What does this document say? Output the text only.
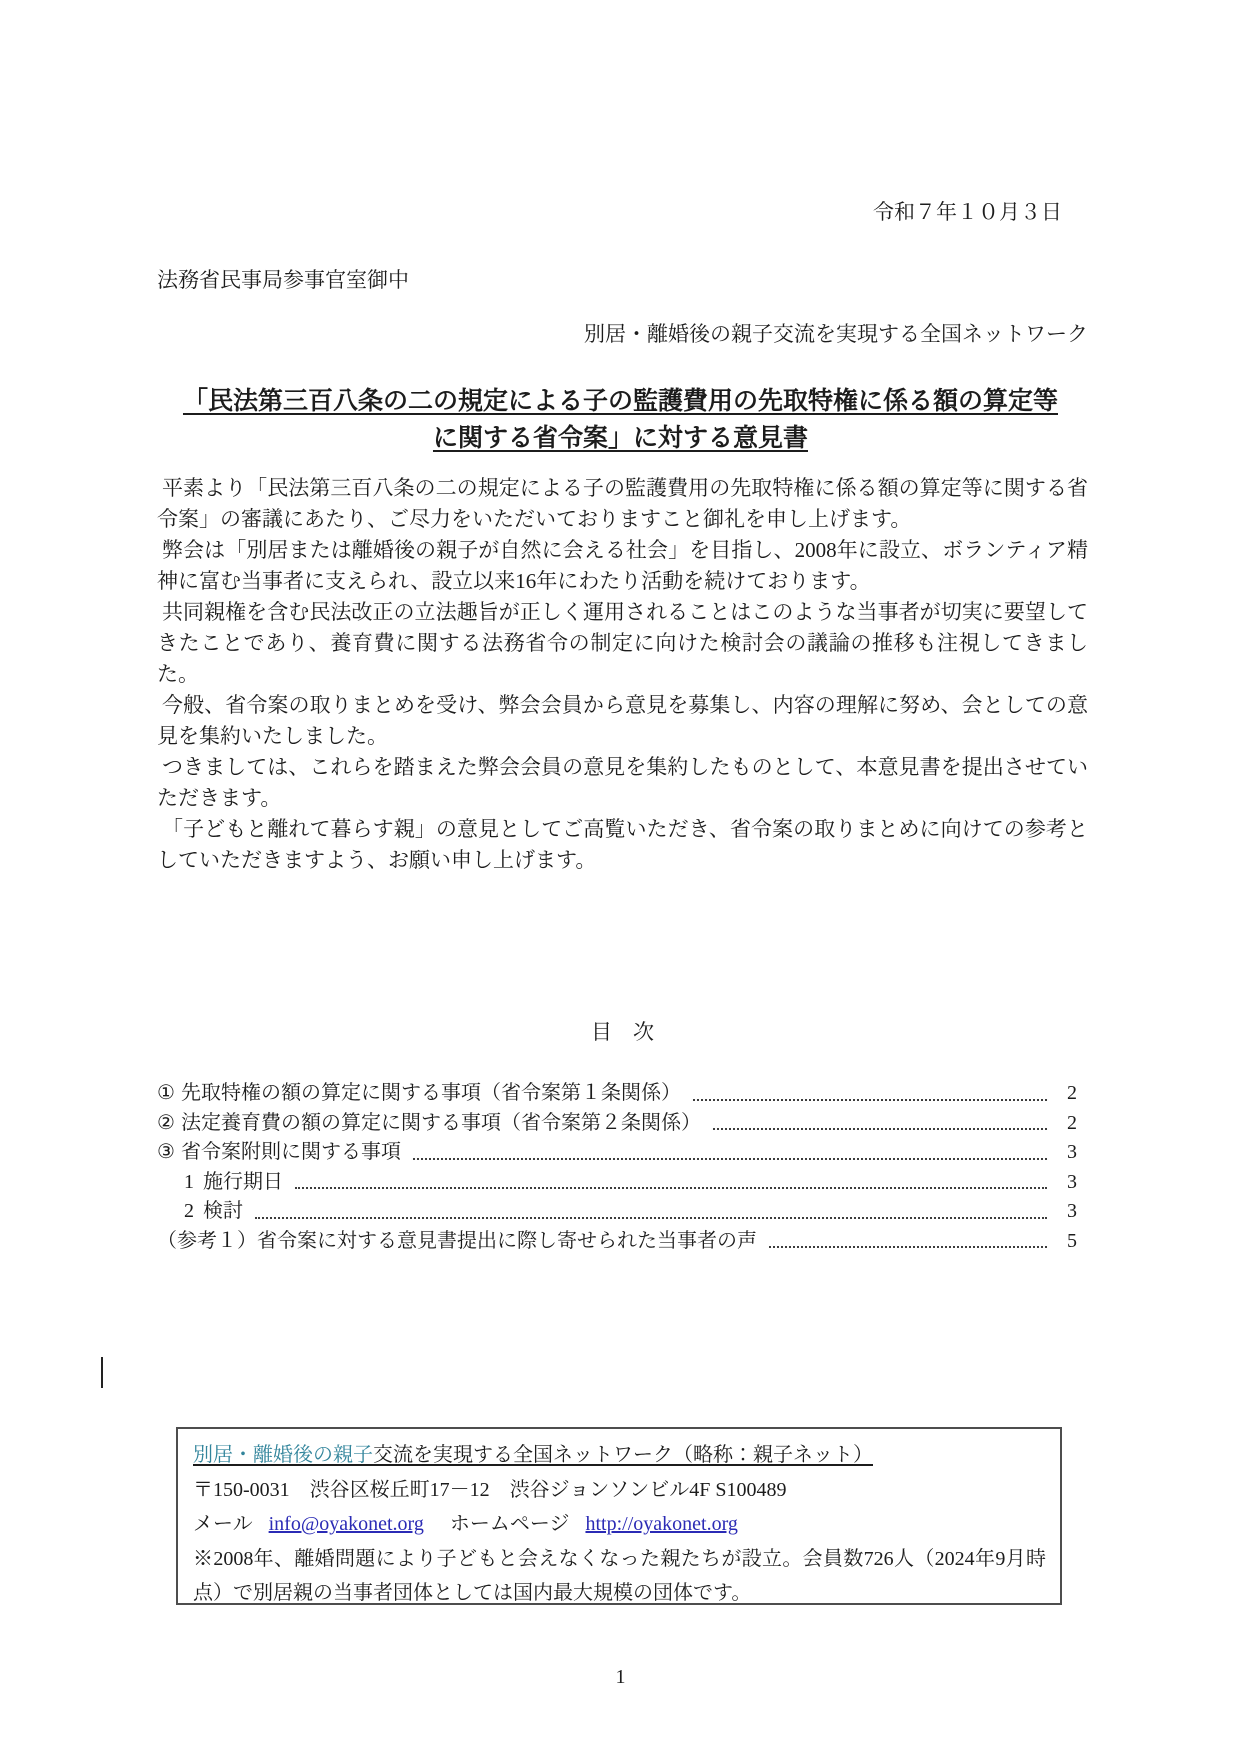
令和７年１０月３日
法務省民事局参事官室御中
別居・離婚後の親子交流を実現する全国ネットワーク
「民法第三百八条の二の規定による子の監護費用の先取特権に係る額の算定等
に関する省令案」に対する意見書

平素より「民法第三百八条の二の規定による子の監護費用の先取特権に係る額の算定等に関する省令案」の審議にあたり、ご尽力をいただいておりますこと御礼を申し上げます。

弊会は「別居または離婚後の親子が自然に会える社会」を目指し、2008年に設立、ボランティア精神に富む当事者に支えられ、設立以来16年にわたり活動を続けております。

共同親権を含む民法改正の立法趣旨が正しく運用されることはこのような当事者が切実に要望してきたことであり、養育費に関する法務省令の制定に向けた検討会の議論の推移も注視してきました。

今般、省令案の取りまとめを受け、弊会会員から意見を募集し、内容の理解に努め、会としての意見を集約いたしました。

つきましては、これらを踏まえた弊会会員の意見を集約したものとして、本意見書を提出させていただきます。

「子どもと離れて暮らす親」の意見としてご高覧いただき、省令案の取りまとめに向けての参考としていただきますよう、お願い申し上げます。

目　次
① 先取特権の額の算定に関する事項（省令案第１条関係）	2
② 法定養育費の額の算定に関する事項（省令案第２条関係）	2
③ 省令案附則に関する事項	3
1 施行期日	3
2 検討	3
（参考１）省令案に対する意見書提出に際し寄せられた当事者の声	5
別居・離婚後の親子交流を実現する全国ネットワーク（略称：親子ネット）
〒150-0031　渋谷区桜丘町17－12　渋谷ジョンソンビル4F S100489
メール info@oyakonet.org ホームページ http://oyakonet.org
※2008年、離婚問題により子どもと会えなくなった親たちが設立。会員数726人（2024年9月時点）で別居親の当事者団体としては国内最大規模の団体です。
1
